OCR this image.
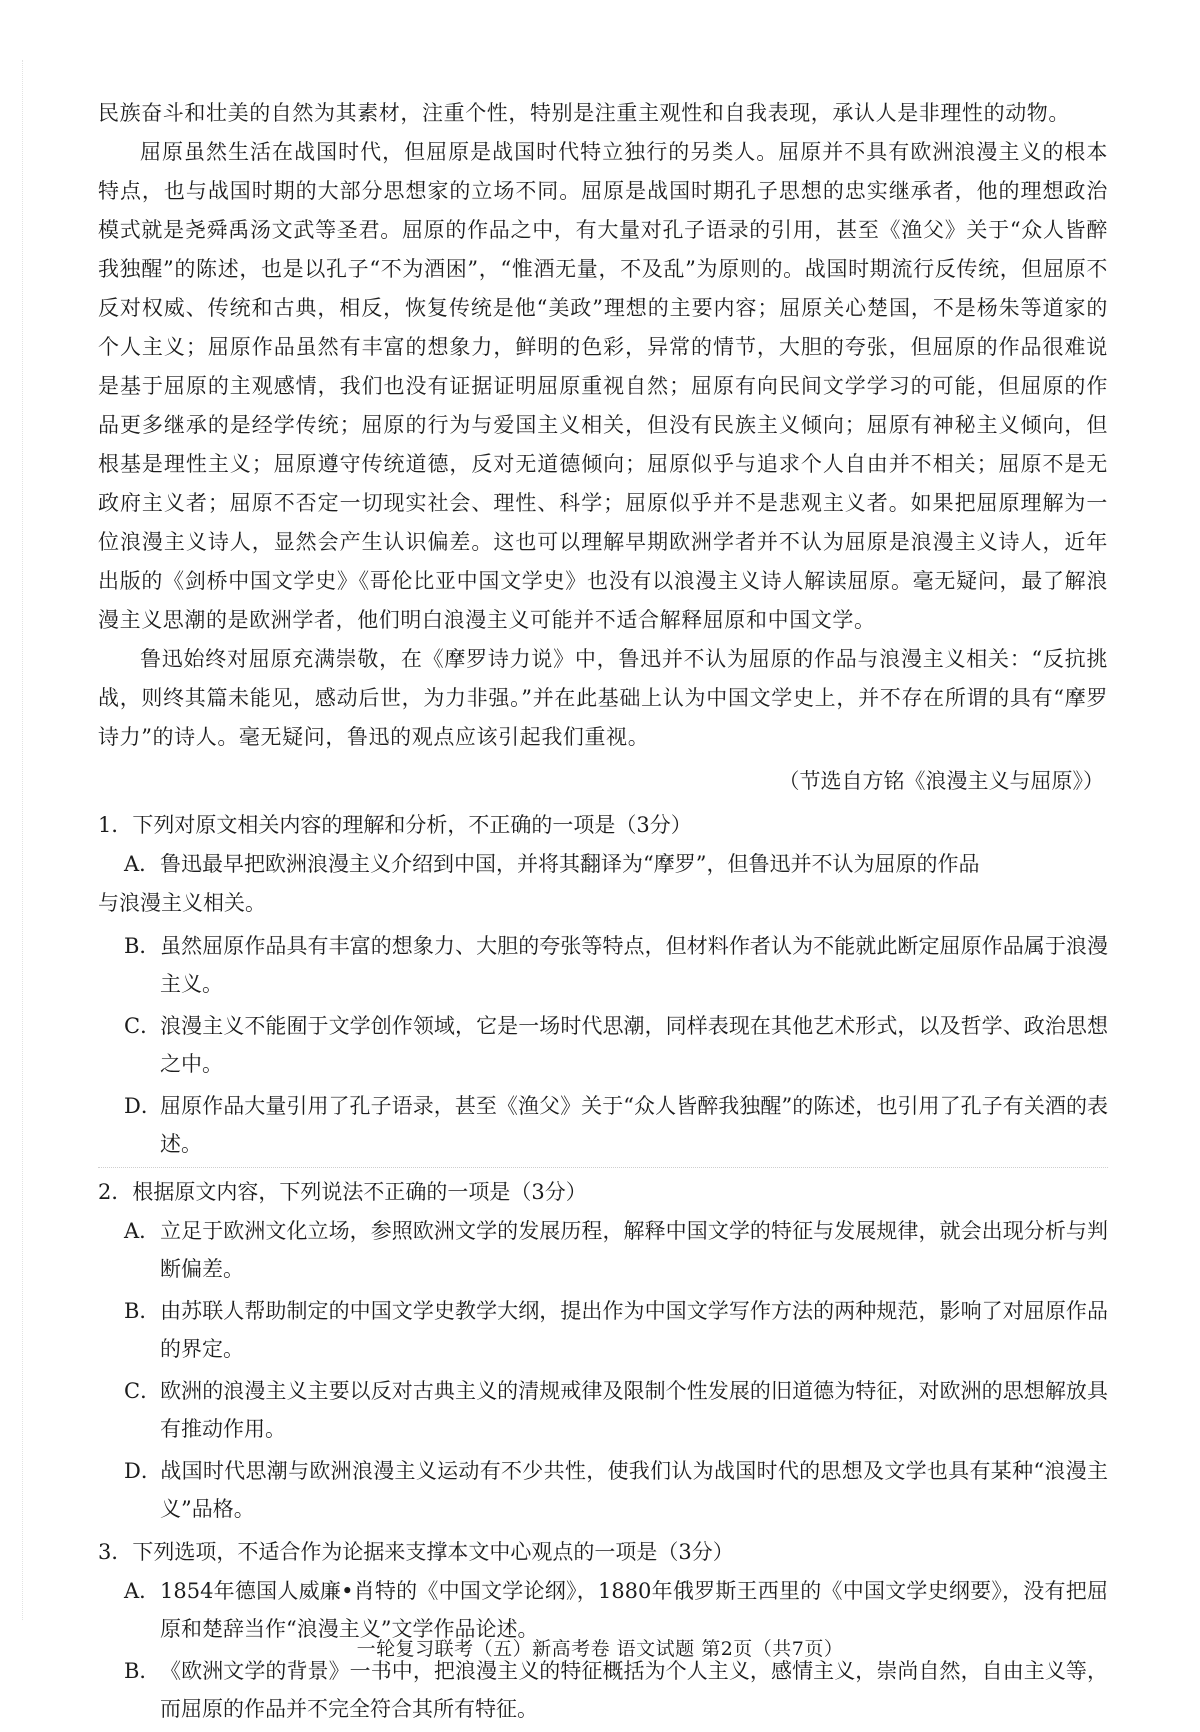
民族奋斗和壮美的自然为其素材，注重个性，特别是注重主观性和自我表现，承认人是非理性的动物。

屈原虽然生活在战国时代，但屈原是战国时代特立独行的另类人。屈原并不具有欧洲浪漫主义的根本特点，也与战国时期的大部分思想家的立场不同。屈原是战国时期孔子思想的忠实继承者，他的理想政治模式就是尧舜禹汤文武等圣君。屈原的作品之中，有大量对孔子语录的引用，甚至《渔父》关于“众人皆醉我独醒”的陈述，也是以孔子“不为酒困”，“惟酒无量，不及乱”为原则的。战国时期流行反传统，但屈原不反对权威、传统和古典，相反，恢复传统是他“美政”理想的主要内容；屈原关心楚国，不是杨朱等道家的个人主义；屈原作品虽然有丰富的想象力，鲜明的色彩，异常的情节，大胆的夸张，但屈原的作品很难说是基于屈原的主观感情，我们也没有证据证明屈原重视自然；屈原有向民间文学学习的可能，但屈原的作品更多继承的是经学传统；屈原的行为与爱国主义相关，但没有民族主义倾向；屈原有神秘主义倾向，但根基是理性主义；屈原遵守传统道德，反对无道德倾向；屈原似乎与追求个人自由并不相关；屈原不是无政府主义者；屈原不否定一切现实社会、理性、科学；屈原似乎并不是悲观主义者。如果把屈原理解为一位浪漫主义诗人，显然会产生认识偏差。这也可以理解早期欧洲学者并不认为屈原是浪漫主义诗人，近年出版的《剑桥中国文学史》《哥伦比亚中国文学史》也没有以浪漫主义诗人解读屈原。毫无疑问，最了解浪漫主义思潮的是欧洲学者，他们明白浪漫主义可能并不适合解释屈原和中国文学。

鲁迅始终对屈原充满崇敬，在《摩罗诗力说》中，鲁迅并不认为屈原的作品与浪漫主义相关：“反抗挑战，则终其篇未能见，感动后世，为力非强。”并在此基础上认为中国文学史上，并不存在所谓的具有“摩罗诗力”的诗人。毫无疑问，鲁迅的观点应该引起我们重视。

（节选自方铭《浪漫主义与屈原》）

1．下列对原文相关内容的理解和分析，不正确的一项是（3分）

A．鲁迅最早把欧洲浪漫主义介绍到中国，并将其翻译为“摩罗”，但鲁迅并不认为屈原的作品

与浪漫主义相关。

B．虽然屈原作品具有丰富的想象力、大胆的夸张等特点，但材料作者认为不能就此断定屈原作品属于浪漫主义。

C．浪漫主义不能囿于文学创作领域，它是一场时代思潮，同样表现在其他艺术形式，以及哲学、政治思想之中。

D．屈原作品大量引用了孔子语录，甚至《渔父》关于“众人皆醉我独醒”的陈述，也引用了孔子有关酒的表述。

2．根据原文内容，下列说法不正确的一项是（3分）

A．立足于欧洲文化立场，参照欧洲文学的发展历程，解释中国文学的特征与发展规律，就会出现分析与判断偏差。

B．由苏联人帮助制定的中国文学史教学大纲，提出作为中国文学写作方法的两种规范，影响了对屈原作品的界定。

C．欧洲的浪漫主义主要以反对古典主义的清规戒律及限制个性发展的旧道德为特征，对欧洲的思想解放具有推动作用。

D．战国时代思潮与欧洲浪漫主义运动有不少共性，使我们认为战国时代的思想及文学也具有某种“浪漫主义”品格。

3．下列选项，不适合作为论据来支撑本文中心观点的一项是（3分）

A．1854年德国人威廉•肖特的《中国文学论纲》，1880年俄罗斯王西里的《中国文学史纲要》，没有把屈原和楚辞当作“浪漫主义”文学作品论述。

B．《欧洲文学的背景》一书中，把浪漫主义的特征概括为个人主义，感情主义，崇尚自然，自由主义等，而屈原的作品并不完全符合其所有特征。

一轮复习联考（五）新高考卷 语文试题 第2页（共7页）
